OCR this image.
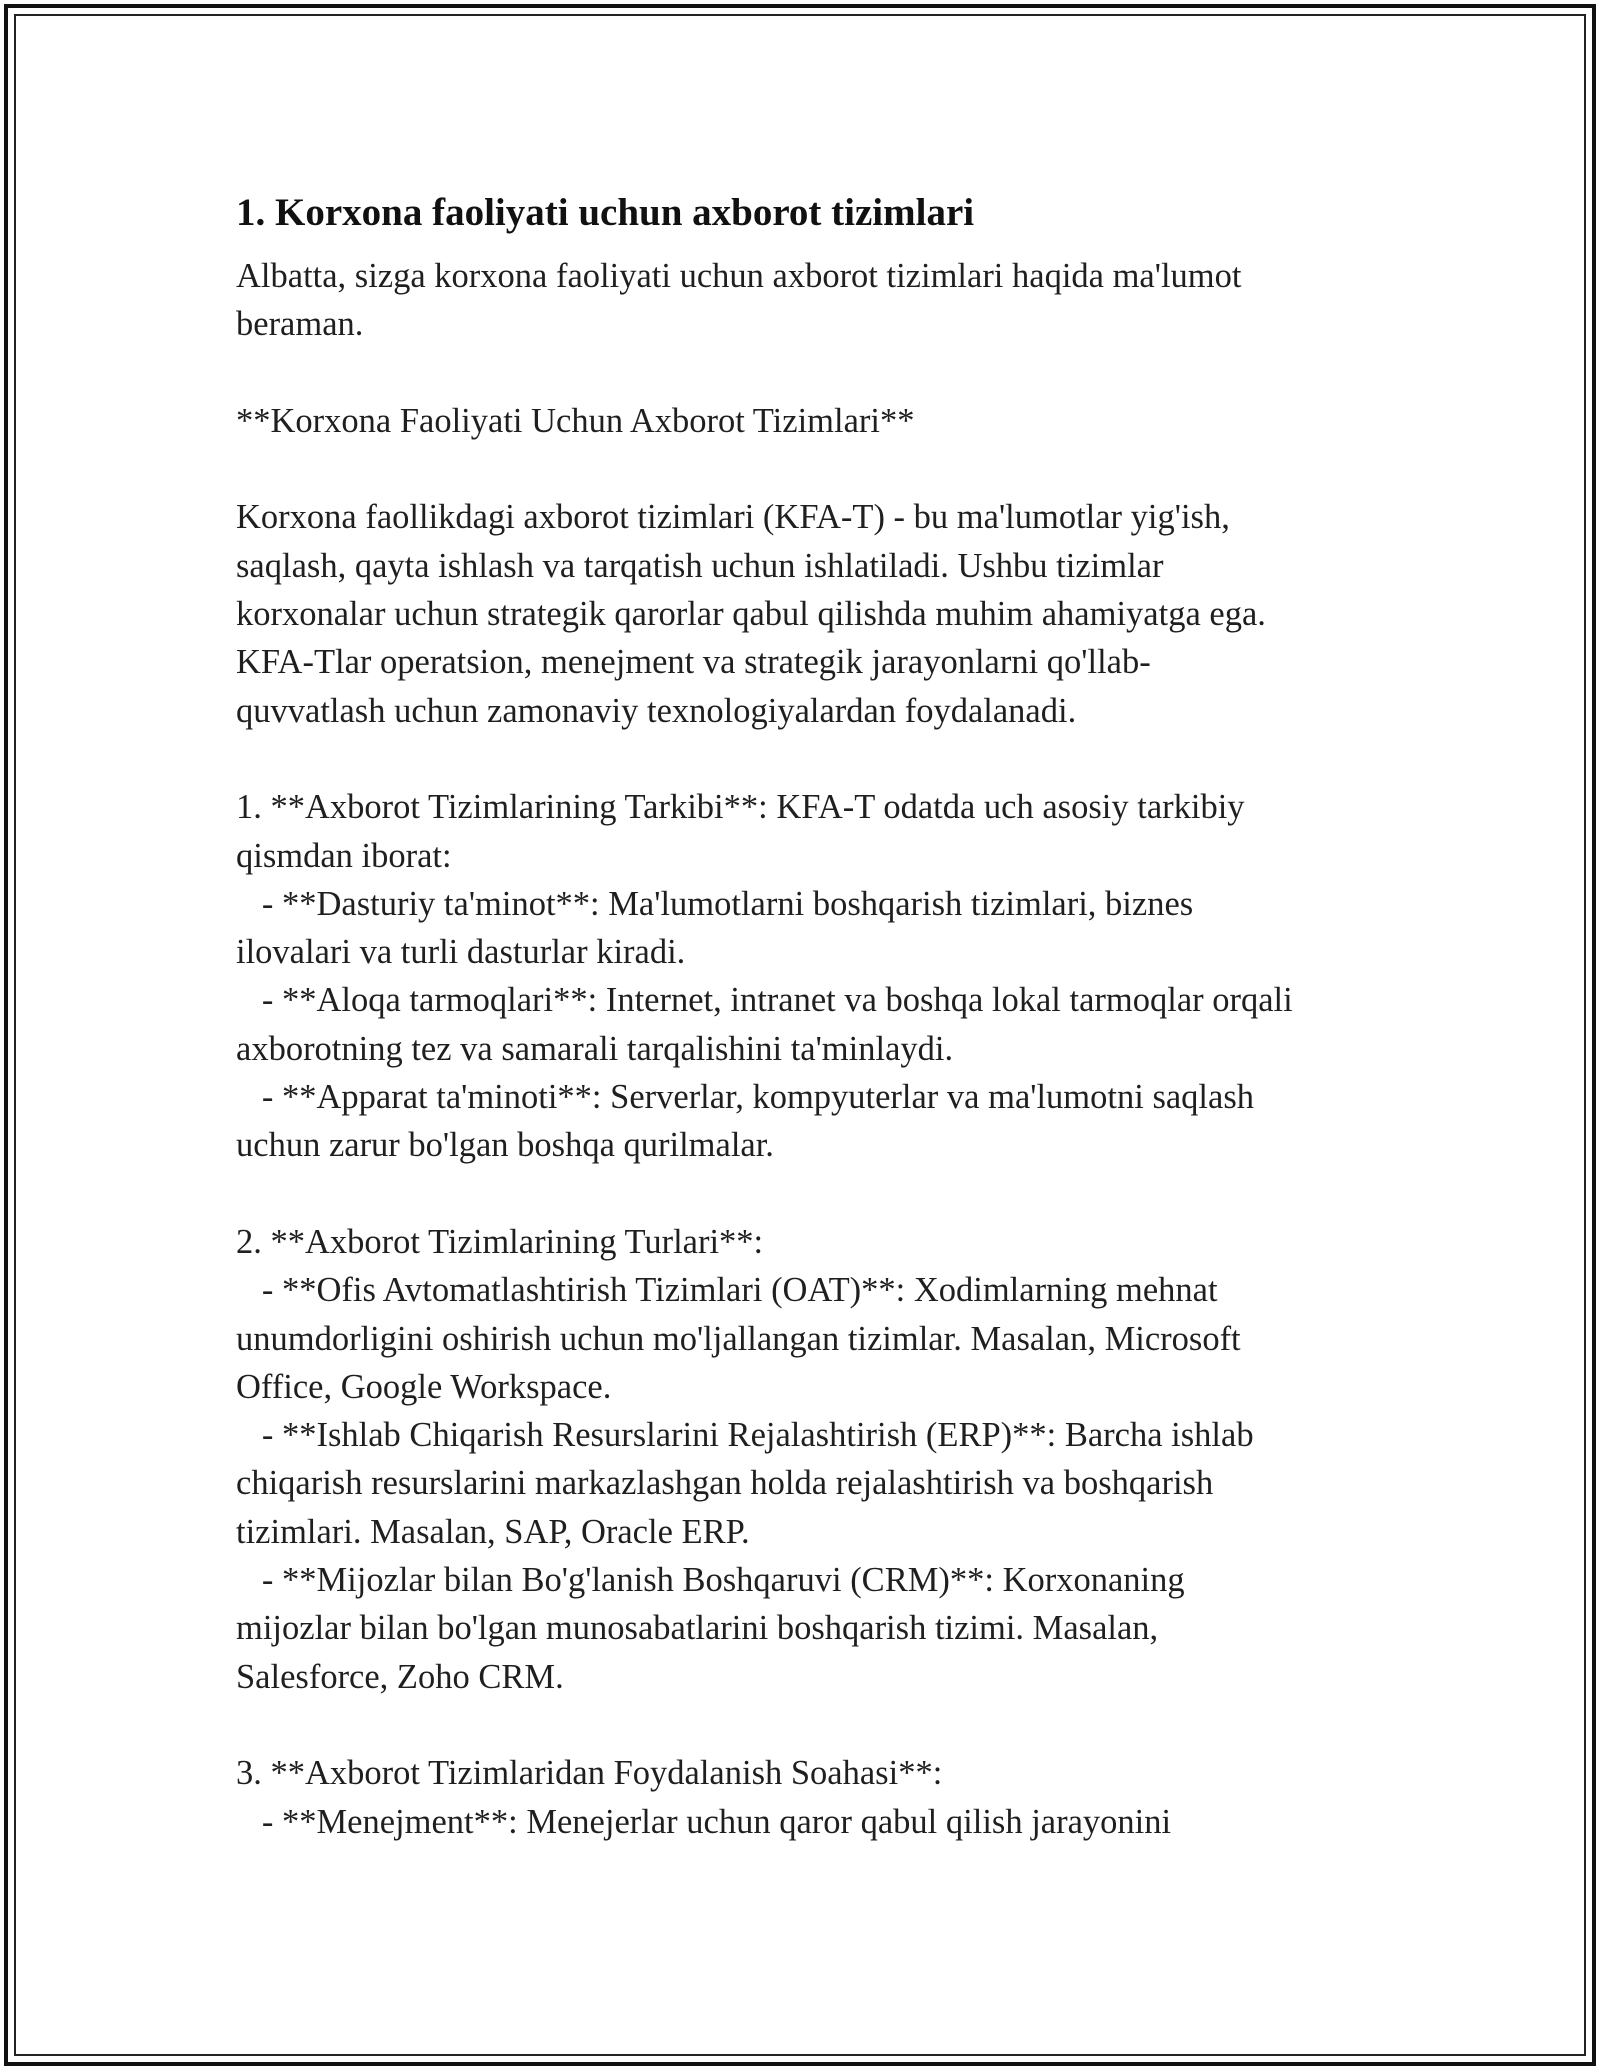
1. Korxona faoliyati uchun axborot tizimlari

Albatta, sizga korxona faoliyati uchun axborot tizimlari haqida ma'lumot
beraman.

**Korxona Faoliyati Uchun Axborot Tizimlari**

Korxona faollikdagi axborot tizimlari (KFA-T) - bu ma'lumotlar yig'ish,
saqlash, qayta ishlash va tarqatish uchun ishlatiladi. Ushbu tizimlar
korxonalar uchun strategik qarorlar qabul qilishda muhim ahamiyatga ega.
KFA-Tlar operatsion, menejment va strategik jarayonlarni qo'llab-
quvvatlash uchun zamonaviy texnologiyalardan foydalanadi.

1. **Axborot Tizimlarining Tarkibi**: KFA-T odatda uch asosiy tarkibiy
qismdan iborat:
- **Dasturiy ta'minot**: Ma'lumotlarni boshqarish tizimlari, biznes
ilovalari va turli dasturlar kiradi.
- **Aloqa tarmoqlari**: Internet, intranet va boshqa lokal tarmoqlar orqali
axborotning tez va samarali tarqalishini ta'minlaydi.
- **Apparat ta'minoti**: Serverlar, kompyuterlar va ma'lumotni saqlash
uchun zarur bo'lgan boshqa qurilmalar.

2. **Axborot Tizimlarining Turlari**:
- **Ofis Avtomatlashtirish Tizimlari (OAT)**: Xodimlarning mehnat
unumdorligini oshirish uchun mo'ljallangan tizimlar. Masalan, Microsoft
Office, Google Workspace.
- **Ishlab Chiqarish Resurslarini Rejalashtirish (ERP)**: Barcha ishlab
chiqarish resurslarini markazlashgan holda rejalashtirish va boshqarish
tizimlari. Masalan, SAP, Oracle ERP.
- **Mijozlar bilan Bo'g'lanish Boshqaruvi (CRM)**: Korxonaning
mijozlar bilan bo'lgan munosabatlarini boshqarish tizimi. Masalan,
Salesforce, Zoho CRM.

3. **Axborot Tizimlaridan Foydalanish Soahasi**:
- **Menejment**: Menejerlar uchun qaror qabul qilish jarayonini
